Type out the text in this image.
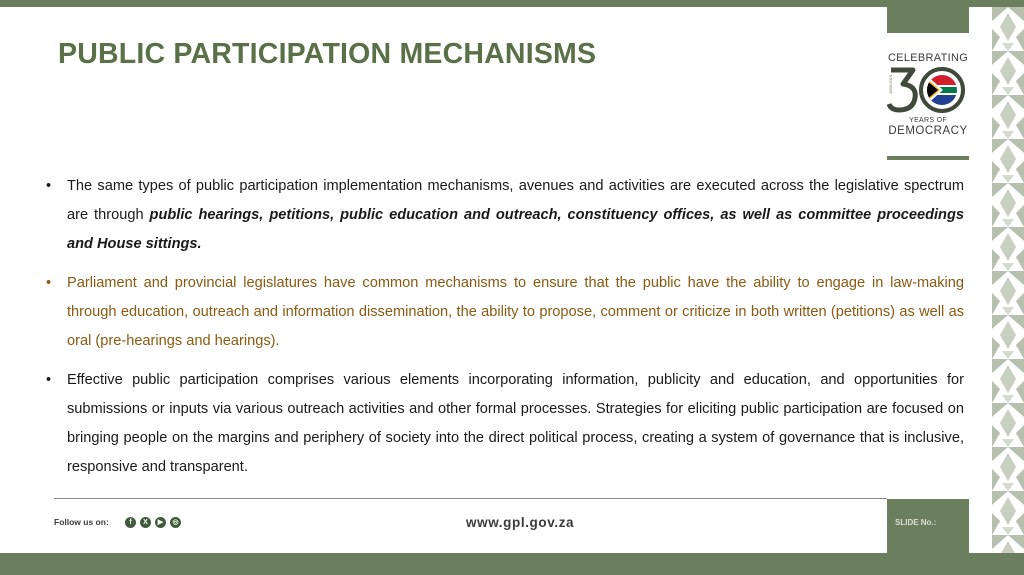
PUBLIC PARTICIPATION MECHANISMS	CELEBRATING
1994-2024
YEARS OF
DEMOCRACY
• The same types of public participation implementation mechanisms, avenues and activities are executed across the legislative spectrum are through public hearings, petitions, public education and outreach, constituency offices, as well as committee proceedings and House sittings.
• Parliament and provincial legislatures have common mechanisms to ensure that the public have the ability to engage in law-making through education, outreach and information dissemination, the ability to propose, comment or criticize in both written (petitions) as well as oral (pre-hearings and hearings).
• Effective public participation comprises various elements incorporating information, publicity and education, and opportunities for submissions or inputs via various outreach activities and other formal processes. Strategies for eliciting public participation are focused on bringing people on the margins and periphery of society into the direct political process, creating a system of governance that is inclusive, responsive and transparent.
Follow us on:	f	X	▶	◎	www.gpl.gov.za	SLIDE No.:
